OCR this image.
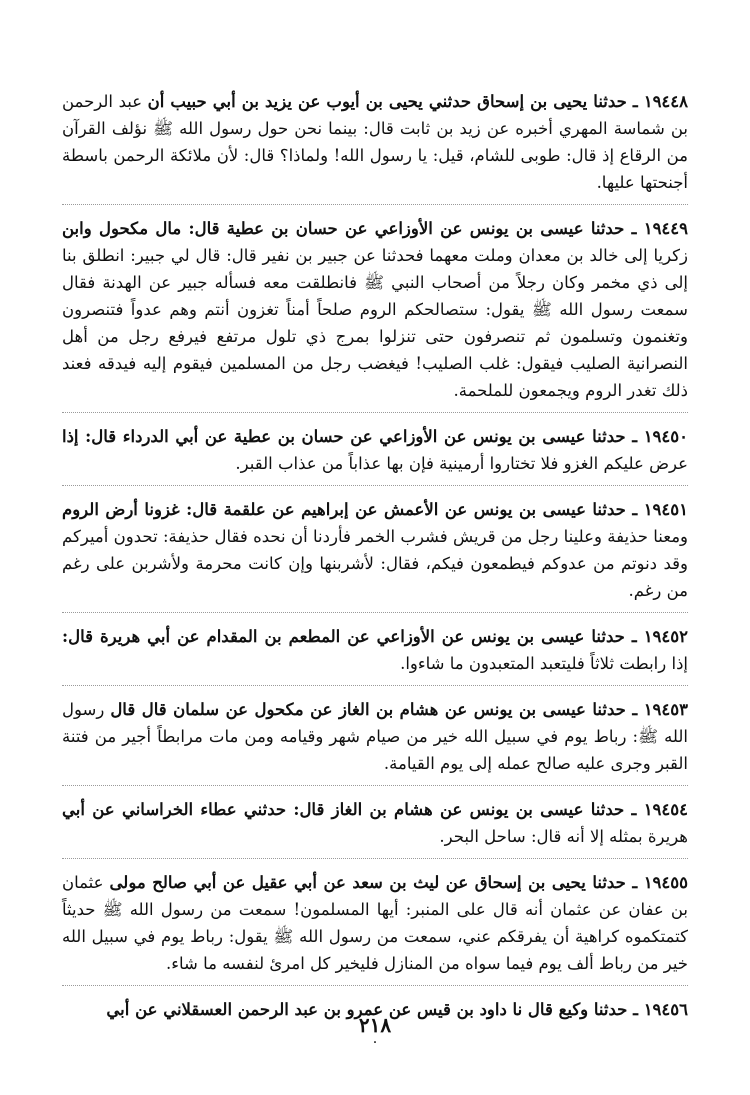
١٩٤٤٨ ـ حدثنا يحيى بن إسحاق حدثني يحيى بن أيوب عن يزيد بن أبي حبيب أن عبد الرحمن بن شماسة المهري أخبره عن زيد بن ثابت قال: بينما نحن حول رسول الله ﷺ نؤلف القرآن من الرقاع إذ قال: طوبى للشام، قيل: يا رسول الله! ولماذا؟ قال: لأن ملائكة الرحمن باسطة أجنحتها عليها.

١٩٤٤٩ ـ حدثنا عيسى بن يونس عن الأوزاعي عن حسان بن عطية قال: مال مكحول وابن زكريا إلى خالد بن معدان وملت معهما فحدثنا عن جبير بن نفير قال: قال لي جبير: انطلق بنا إلى ذي مخمر وكان رجلاً من أصحاب النبي ﷺ فانطلقت معه فسأله جبير عن الهدنة فقال سمعت رسول الله ﷺ يقول: ستصالحكم الروم صلحاً أمناً تغزون أنتم وهم عدواً فتنصرون وتغنمون وتسلمون ثم تنصرفون حتى تنزلوا بمرج ذي تلول مرتفع فيرفع رجل من أهل النصرانية الصليب فيقول: غلب الصليب! فيغضب رجل من المسلمين فيقوم إليه فيدقه فعند ذلك تغدر الروم ويجمعون للملحمة.

١٩٤٥٠ ـ حدثنا عيسى بن يونس عن الأوزاعي عن حسان بن عطية عن أبي الدرداء قال: إذا عرض عليكم الغزو فلا تختاروا أرمينية فإن بها عذاباً من عذاب القبر.

١٩٤٥١ ـ حدثنا عيسى بن يونس عن الأعمش عن إبراهيم عن علقمة قال: غزونا أرض الروم ومعنا حذيفة وعلينا رجل من قريش فشرب الخمر فأردنا أن نحده فقال حذيفة: تحدون أميركم وقد دنوتم من عدوكم فيطمعون فيكم، فقال: لأشربنها وإن كانت محرمة ولأشربن على رغم من رغم.

١٩٤٥٢ ـ حدثنا عيسى بن يونس عن الأوزاعي عن المطعم بن المقدام عن أبي هريرة قال: إذا رابطت ثلاثاً فليتعبد المتعبدون ما شاءوا.

١٩٤٥٣ ـ حدثنا عيسى بن يونس عن هشام بن الغاز عن مكحول عن سلمان قال قال رسول الله ﷺ: رباط يوم في سبيل الله خير من صيام شهر وقيامه ومن مات مرابطاً أجير من فتنة القبر وجرى عليه صالح عمله إلى يوم القيامة.

١٩٤٥٤ ـ حدثنا عيسى بن يونس عن هشام بن الغاز قال: حدثني عطاء الخراساني عن أبي هريرة بمثله إلا أنه قال: ساحل البحر.

١٩٤٥٥ ـ حدثنا يحيى بن إسحاق عن ليث بن سعد عن أبي عقيل عن أبي صالح مولى عثمان بن عفان عن عثمان أنه قال على المنبر: أيها المسلمون! سمعت من رسول الله ﷺ حديثاً كتمتكموه كراهية أن يفرقكم عني، سمعت من رسول الله ﷺ يقول: رباط يوم في سبيل الله خير من رباط ألف يوم فيما سواه من المنازل فليخير كل امرئ لنفسه ما شاء.

١٩٤٥٦ ـ حدثنا وكيع قال نا داود بن قيس عن عمرو بن عبد الرحمن العسقلاني عن أبي

٢١٨
.
